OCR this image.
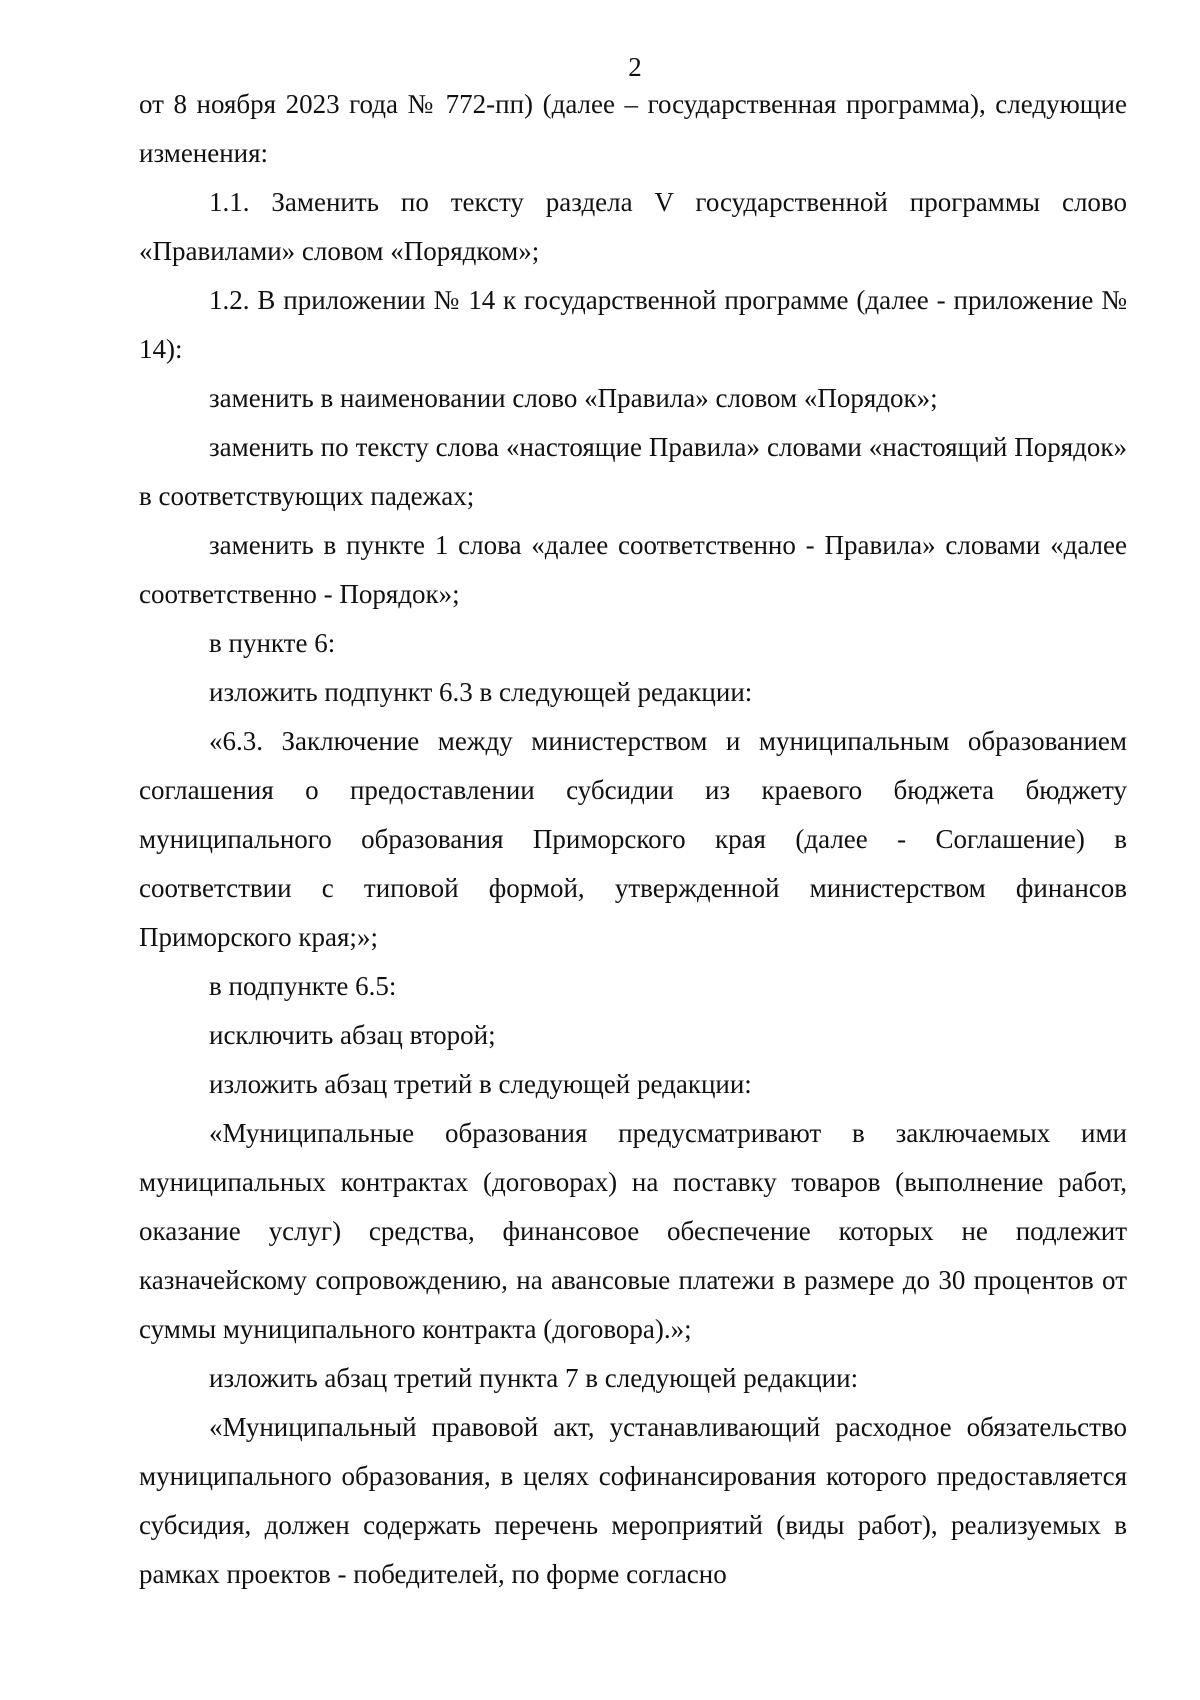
2

от 8 ноября 2023 года № 772-пп) (далее – государственная программа), следующие изменения:

1.1. Заменить по тексту раздела V государственной программы слово «Правилами» словом «Порядком»;

1.2. В приложении № 14 к государственной программе (далее - приложение № 14):

заменить в наименовании слово «Правила» словом «Порядок»;

заменить по тексту слова «настоящие Правила» словами «настоящий Порядок» в соответствующих падежах;

заменить в пункте 1 слова «далее соответственно - Правила» словами «далее соответственно - Порядок»;

в пункте 6:

изложить подпункт 6.3 в следующей редакции:

«6.3. Заключение между министерством и муниципальным образованием соглашения о предоставлении субсидии из краевого бюджета бюджету муниципального образования Приморского края (далее - Соглашение) в соответствии с типовой формой, утвержденной министерством финансов Приморского края;»;

в подпункте 6.5:

исключить абзац второй;

изложить абзац третий в следующей редакции:

«Муниципальные образования предусматривают в заключаемых ими муниципальных контрактах (договорах) на поставку товаров (выполнение работ, оказание услуг) средства, финансовое обеспечение которых не подлежит казначейскому сопровождению, на авансовые платежи в размере до 30 процентов от суммы муниципального контракта (договора).»;

изложить абзац третий пункта 7 в следующей редакции:

«Муниципальный правовой акт, устанавливающий расходное обязательство муниципального образования, в целях софинансирования которого предоставляется субсидия, должен содержать перечень мероприятий (виды работ), реализуемых в рамках проектов - победителей, по форме согласно
